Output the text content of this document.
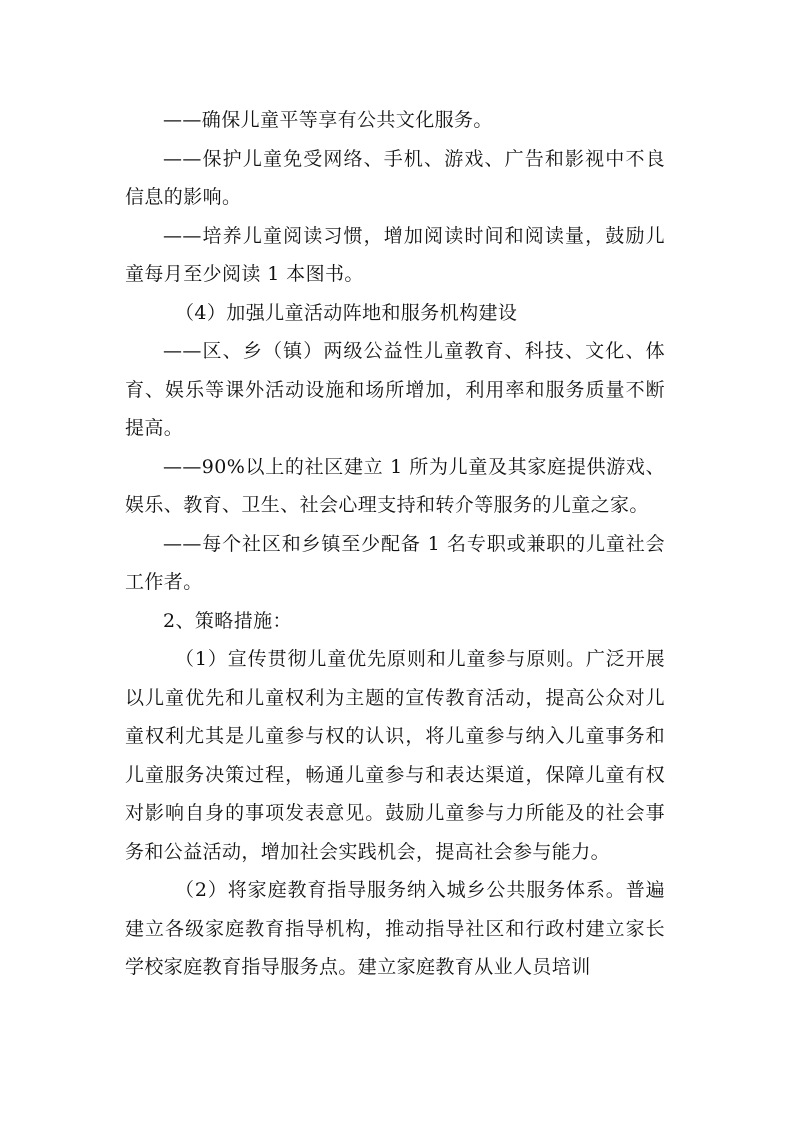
——确保儿童平等享有公共文化服务。

——保护儿童免受网络、手机、游戏、广告和影视中不良信息的影响。

——培养儿童阅读习惯，增加阅读时间和阅读量，鼓励儿童每月至少阅读 1 本图书。

（4）加强儿童活动阵地和服务机构建设

——区、乡（镇）两级公益性儿童教育、科技、文化、体育、娱乐等课外活动设施和场所增加，利用率和服务质量不断提高。

——90%以上的社区建立 1 所为儿童及其家庭提供游戏、娱乐、教育、卫生、社会心理支持和转介等服务的儿童之家。

——每个社区和乡镇至少配备 1 名专职或兼职的儿童社会工作者。

2、策略措施：

（1）宣传贯彻儿童优先原则和儿童参与原则。广泛开展以儿童优先和儿童权利为主题的宣传教育活动，提高公众对儿童权利尤其是儿童参与权的认识，将儿童参与纳入儿童事务和儿童服务决策过程，畅通儿童参与和表达渠道，保障儿童有权对影响自身的事项发表意见。鼓励儿童参与力所能及的社会事务和公益活动，增加社会实践机会，提高社会参与能力。

（2）将家庭教育指导服务纳入城乡公共服务体系。普遍建立各级家庭教育指导机构，推动指导社区和行政村建立家长学校家庭教育指导服务点。建立家庭教育从业人员培训
